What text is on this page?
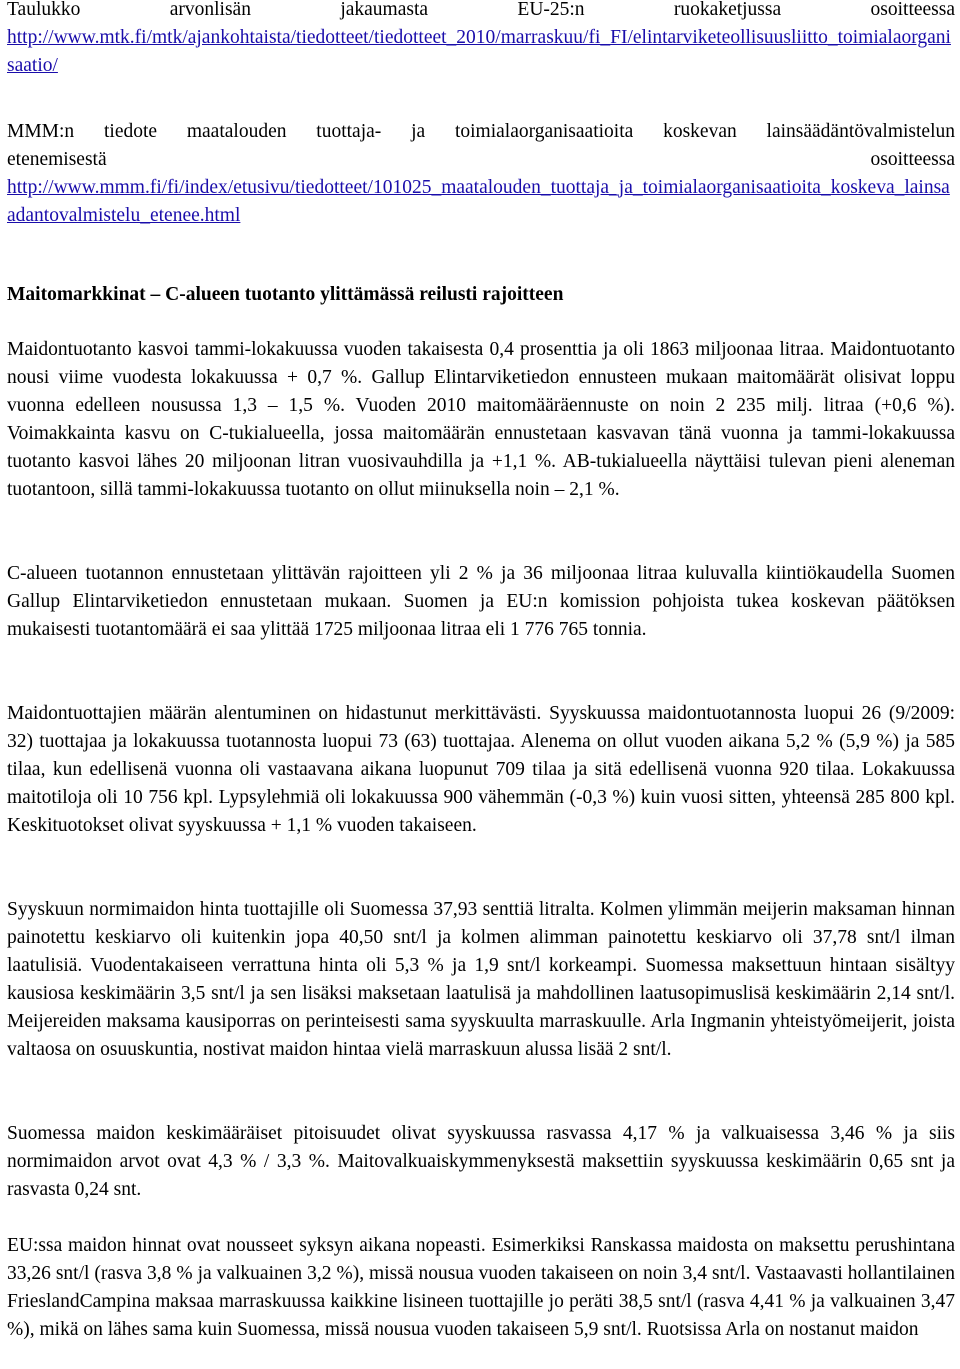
Taulukko	arvonlisän	jakaumasta	EU-25:n	ruokaketjussa	osoitteessa
http://www.mtk.fi/mtk/ajankohtaista/tiedotteet/tiedotteet_2010/marraskuu/fi_FI/elintarviketeollisuusliitto_toimialaorganisaatio/
MMM:n tiedote maatalouden tuottaja- ja toimialaorganisaatioita koskevan lainsäädäntövalmistelun
etenemisestä	osoitteessa
http://www.mmm.fi/fi/index/etusivu/tiedotteet/101025_maatalouden_tuottaja_ja_toimialaorganisaatioita_koskeva_lainsaadantovalmistelu_etenee.html
Maitomarkkinat – C-alueen tuotanto ylittämässä reilusti rajoitteen

Maidontuotanto kasvoi tammi-lokakuussa vuoden takaisesta 0,4 prosenttia ja oli 1863 miljoonaa litraa. Maidontuotanto nousi viime vuodesta lokakuussa + 0,7 %. Gallup Elintarviketiedon ennusteen mukaan maitomäärät olisivat loppu vuonna edelleen nousussa 1,3 – 1,5 %. Vuoden 2010 maitomääräennuste on noin 2 235 milj. litraa (+0,6 %). Voimakkainta kasvu on C-tukialueella, jossa maitomäärän ennustetaan kasvavan tänä vuonna ja tammi-lokakuussa tuotanto kasvoi lähes 20 miljoonan litran vuosivauhdilla ja +1,1 %. AB-tukialueella näyttäisi tulevan pieni aleneman tuotantoon, sillä tammi-lokakuussa tuotanto on ollut miinuksella noin – 2,1 %.

C-alueen tuotannon ennustetaan ylittävän rajoitteen yli 2 % ja 36 miljoonaa litraa kuluvalla kiintiökaudella Suomen Gallup Elintarviketiedon ennustetaan mukaan. Suomen ja EU:n komission pohjoista tukea koskevan päätöksen mukaisesti tuotantomäärä ei saa ylittää 1725 miljoonaa litraa eli 1 776 765 tonnia.

Maidontuottajien määrän alentuminen on hidastunut merkittävästi. Syyskuussa maidontuotannosta luopui 26 (9/2009: 32) tuottajaa ja lokakuussa tuotannosta luopui 73 (63) tuottajaa. Alenema on ollut vuoden aikana 5,2 % (5,9 %) ja 585 tilaa, kun edellisenä vuonna oli vastaavana aikana luopunut 709 tilaa ja sitä edellisenä vuonna 920 tilaa. Lokakuussa maitotiloja oli 10 756 kpl. Lypsylehmiä oli lokakuussa 900 vähemmän (-0,3 %) kuin vuosi sitten, yhteensä 285 800 kpl. Keskituotokset olivat syyskuussa + 1,1 % vuoden takaiseen.

Syyskuun normimaidon hinta tuottajille oli Suomessa 37,93 senttiä litralta. Kolmen ylimmän meijerin maksaman hinnan painotettu keskiarvo oli kuitenkin jopa 40,50 snt/l ja kolmen alimman painotettu keskiarvo oli 37,78 snt/l ilman laatulisiä. Vuodentakaiseen verrattuna hinta oli 5,3 % ja 1,9 snt/l korkeampi. Suomessa maksettuun hintaan sisältyy kausiosa keskimäärin 3,5 snt/l ja sen lisäksi maksetaan laatulisä ja mahdollinen laatusopimuslisä keskimäärin 2,14 snt/l. Meijereiden maksama kausiporras on perinteisesti sama syyskuulta marraskuulle. Arla Ingmanin yhteistyömeijerit, joista valtaosa on osuuskuntia, nostivat maidon hintaa vielä marraskuun alussa lisää 2 snt/l.

Suomessa maidon keskimääräiset pitoisuudet olivat syyskuussa rasvassa 4,17 % ja valkuaisessa 3,46 % ja siis normimaidon arvot ovat 4,3 % / 3,3 %. Maitovalkuaiskymmenyksestä maksettiin syyskuussa keskimäärin 0,65 snt ja rasvasta 0,24 snt.

EU:ssa maidon hinnat ovat nousseet syksyn aikana nopeasti. Esimerkiksi Ranskassa maidosta on maksettu perushintana 33,26 snt/l (rasva 3,8 % ja valkuainen 3,2 %), missä nousua vuoden takaiseen on noin 3,4 snt/l. Vastaavasti hollantilainen FrieslandCampina maksaa marraskuussa kaikkine lisineen tuottajille jo peräti 38,5 snt/l (rasva 4,41 % ja valkuainen 3,47 %), mikä on lähes sama kuin Suomessa, missä nousua vuoden takaiseen 5,9 snt/l. Ruotsissa Arla on nostanut maidon
